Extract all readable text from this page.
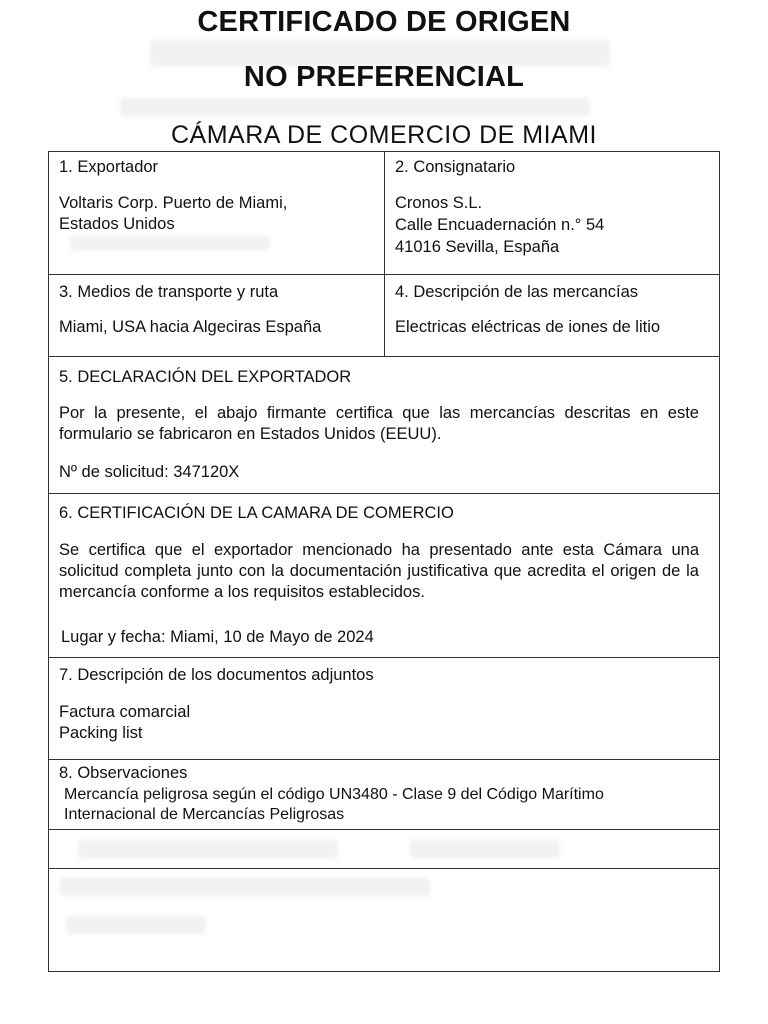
CERTIFICADO DE ORIGEN
NO PREFERENCIAL
CÁMARA DE COMERCIO DE MIAMI
1. Exportador
Voltaris Corp. Puerto de Miami,
Estados Unidos
2. Consignatario
Cronos S.L.
Calle Encuadernación n.° 54
41016 Sevilla, España
3. Medios de transporte y ruta
Miami, USA hacia Algeciras España
4. Descripción de las mercancías
Electricas eléctricas de iones de litio
5. DECLARACIÓN DEL EXPORTADOR
Por la presente, el abajo firmante certifica que las mercancías descritas en este formulario se fabricaron en Estados Unidos (EEUU).
Nº de solicitud: 347120X
6. CERTIFICACIÓN DE LA CAMARA DE COMERCIO
Se certifica que el exportador mencionado ha presentado ante esta Cámara una solicitud completa junto con la documentación justificativa que acredita el origen de la mercancía conforme a los requisitos establecidos.
Lugar y fecha: Miami, 10 de Mayo de 2024
7. Descripción de los documentos adjuntos
Factura comarcial
Packing list
8. Observaciones
Mercancía peligrosa según el código UN3480 - Clase 9 del Código Marítimo
Internacional de Mercancías Peligrosas
